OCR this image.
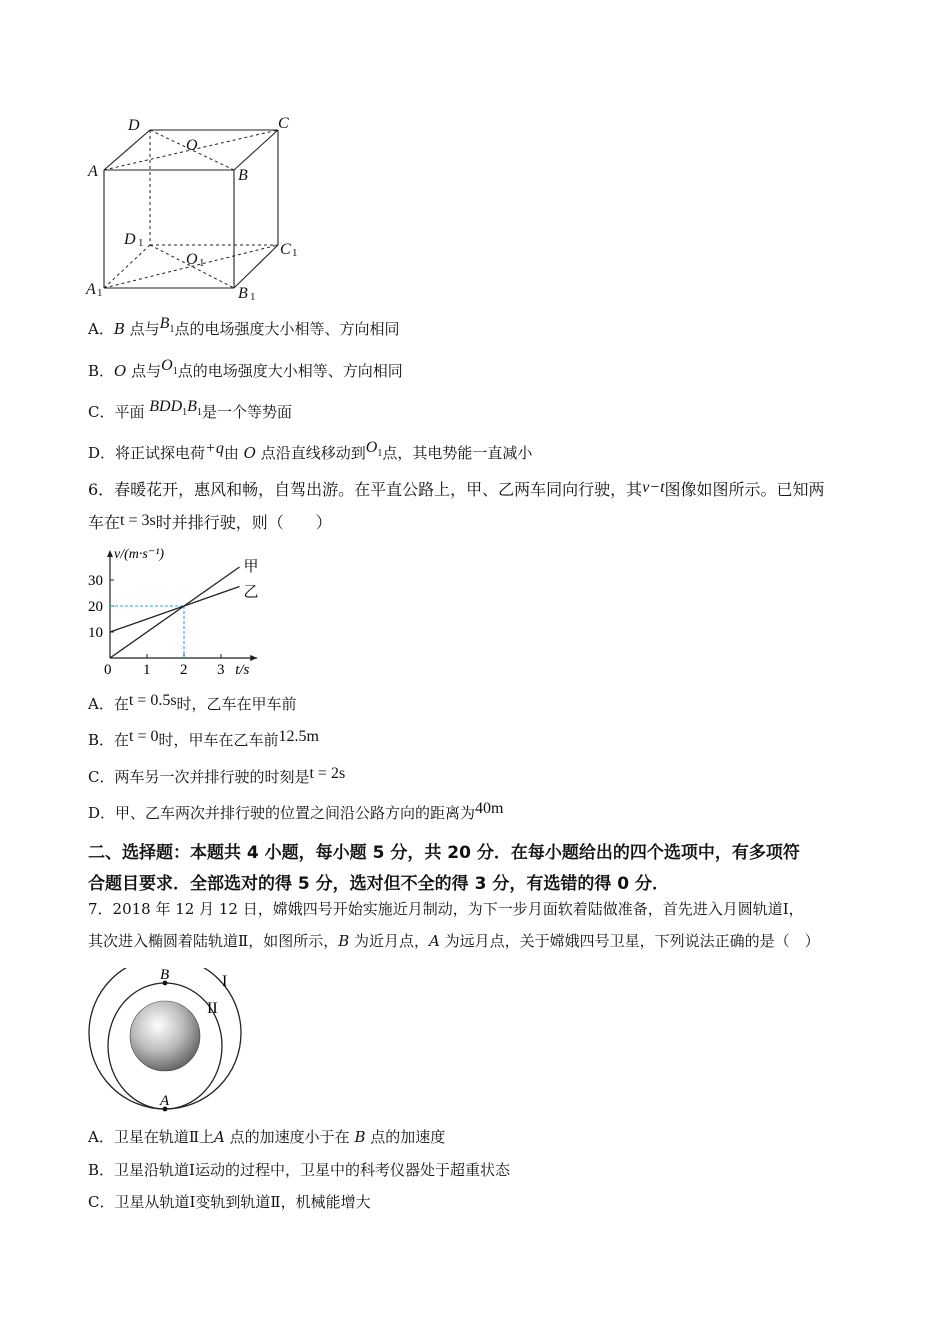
D	C
O
A	B
D
C
O
A	B
1
1
1
1	1
A．B 点与$B_1$点的电场强度大小相等、方向相同
B．O 点与$O_1$点的电场强度大小相等、方向相同
C．平面 $BDD_1B_1$是一个等势面
D．将正试探电荷+q由 O 点沿直线移动到$O_1$点，其电势能一直减小
6．春暖花开，惠风和畅，自驾出游。在平直公路上，甲、乙两车同向行驶，其v−t图像如图所示。已知两
车在t = 3s时并排行驶，则（　　）
0 1 2 3
10
20
30
v/(m·s⁻¹)
t/s
甲
乙
A．在t = 0.5s时，乙车在甲车前
B．在t = 0时，甲车在乙车前12.5m
C．两车另一次并排行驶的时刻是t = 2s
D．甲、乙车两次并排行驶的位置之间沿公路方向的距离为40m
二、选择题：本题共 4 小题，每小题 5 分，共 20 分．在每小题给出的四个选项中，有多项符
合题目要求．全部选对的得 5 分，选对但不全的得 3 分，有选错的得 0 分．
7．2018 年 12 月 12 日，嫦娥四号开始实施近月制动，为下一步月面软着陆做准备，首先进入月圆轨道Ⅰ，
其次进入椭圆着陆轨道Ⅱ，如图所示，B 为近月点，A 为远月点，关于嫦娥四号卫星，下列说法正确的是（　）
B
A
I
II
A．卫星在轨道Ⅱ上A 点的加速度小于在 B 点的加速度
B．卫星沿轨道Ⅰ运动的过程中，卫星中的科考仪器处于超重状态
C．卫星从轨道Ⅰ变轨到轨道Ⅱ，机械能增大
